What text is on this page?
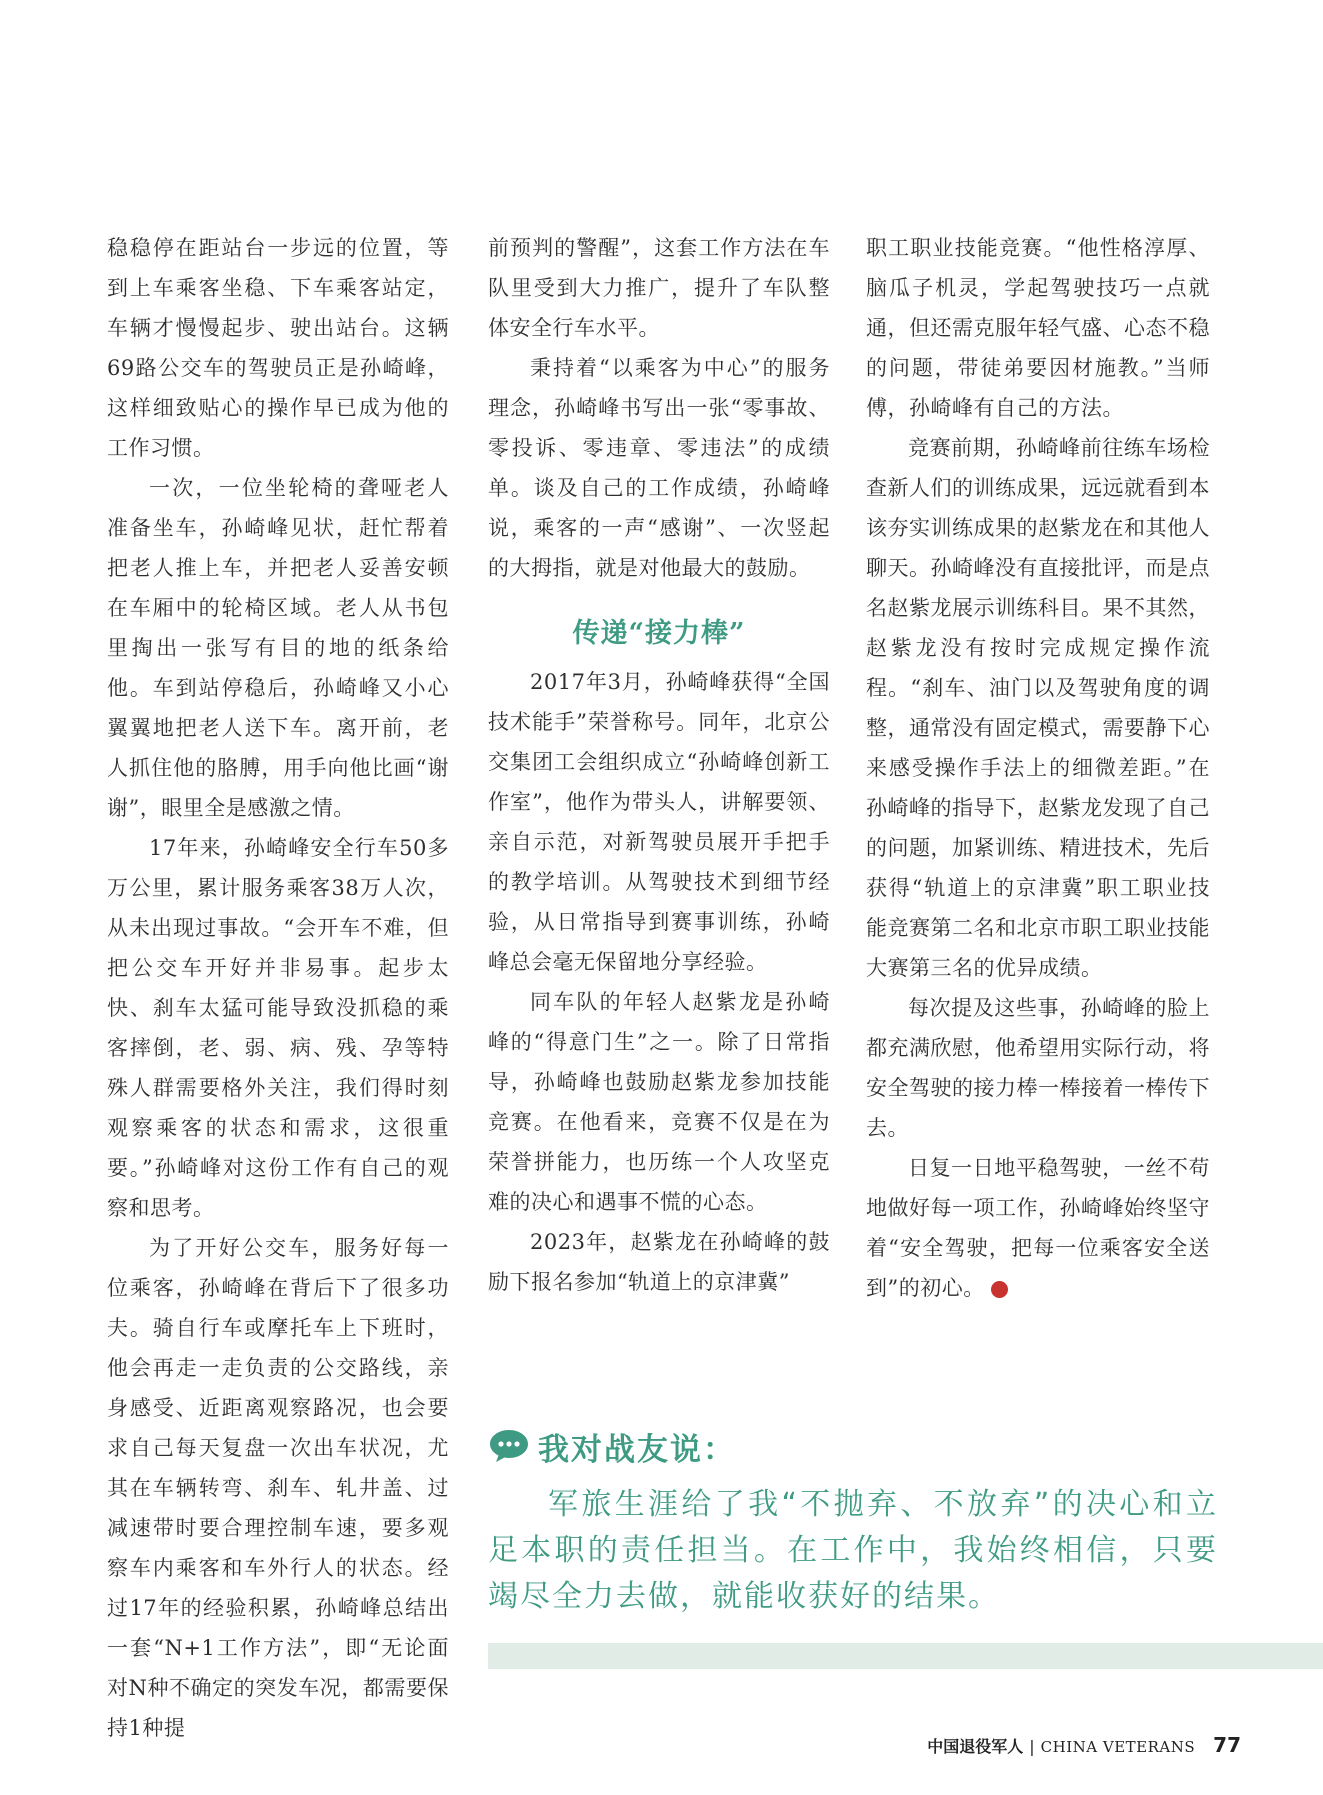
稳稳停在距站台一步远的位置，等到上车乘客坐稳、下车乘客站定，车辆才慢慢起步、驶出站台。这辆69路公交车的驾驶员正是孙崎峰，这样细致贴心的操作早已成为他的工作习惯。

一次，一位坐轮椅的聋哑老人准备坐车，孙崎峰见状，赶忙帮着把老人推上车，并把老人妥善安顿在车厢中的轮椅区域。老人从书包里掏出一张写有目的地的纸条给他。车到站停稳后，孙崎峰又小心翼翼地把老人送下车。离开前，老人抓住他的胳膊，用手向他比画“谢谢”，眼里全是感激之情。

17年来，孙崎峰安全行车50多万公里，累计服务乘客38万人次，从未出现过事故。“会开车不难，但把公交车开好并非易事。起步太快、刹车太猛可能导致没抓稳的乘客摔倒，老、弱、病、残、孕等特殊人群需要格外关注，我们得时刻观察乘客的状态和需求，这很重要。”孙崎峰对这份工作有自己的观察和思考。

为了开好公交车，服务好每一位乘客，孙崎峰在背后下了很多功夫。骑自行车或摩托车上下班时，他会再走一走负责的公交路线，亲身感受、近距离观察路况，也会要求自己每天复盘一次出车状况，尤其在车辆转弯、刹车、轧井盖、过减速带时要合理控制车速，要多观察车内乘客和车外行人的状态。经过17年的经验积累，孙崎峰总结出一套“N+1工作方法”，即“无论面对N种不确定的突发车况，都需要保持1种提

前预判的警醒”，这套工作方法在车队里受到大力推广，提升了车队整体安全行车水平。

秉持着“以乘客为中心”的服务理念，孙崎峰书写出一张“零事故、零投诉、零违章、零违法”的成绩单。谈及自己的工作成绩，孙崎峰说，乘客的一声“感谢”、一次竖起的大拇指，就是对他最大的鼓励。

传递“接力棒”

2017年3月，孙崎峰获得“全国技术能手”荣誉称号。同年，北京公交集团工会组织成立“孙崎峰创新工作室”，他作为带头人，讲解要领、亲自示范，对新驾驶员展开手把手的教学培训。从驾驶技术到细节经验，从日常指导到赛事训练，孙崎峰总会毫无保留地分享经验。

同车队的年轻人赵紫龙是孙崎峰的“得意门生”之一。除了日常指导，孙崎峰也鼓励赵紫龙参加技能竞赛。在他看来，竞赛不仅是在为荣誉拼能力，也历练一个人攻坚克难的决心和遇事不慌的心态。

2023年，赵紫龙在孙崎峰的鼓励下报名参加“轨道上的京津冀”

职工职业技能竞赛。“他性格淳厚、脑瓜子机灵，学起驾驶技巧一点就通，但还需克服年轻气盛、心态不稳的问题，带徒弟要因材施教。”当师傅，孙崎峰有自己的方法。

竞赛前期，孙崎峰前往练车场检查新人们的训练成果，远远就看到本该夯实训练成果的赵紫龙在和其他人聊天。孙崎峰没有直接批评，而是点名赵紫龙展示训练科目。果不其然，赵紫龙没有按时完成规定操作流程。“刹车、油门以及驾驶角度的调整，通常没有固定模式，需要静下心来感受操作手法上的细微差距。”在孙崎峰的指导下，赵紫龙发现了自己的问题，加紧训练、精进技术，先后获得“轨道上的京津冀”职工职业技能竞赛第二名和北京市职工职业技能大赛第三名的优异成绩。

每次提及这些事，孙崎峰的脸上都充满欣慰，他希望用实际行动，将安全驾驶的接力棒一棒接着一棒传下去。

日复一日地平稳驾驶，一丝不苟地做好每一项工作，孙崎峰始终坚守着“安全驾驶，把每一位乘客安全送到”的初心。	V

我对战友说：

军旅生涯给了我“不抛弃、不放弃”的决心和立足本职的责任担当。在工作中，我始终相信，只要竭尽全力去做，就能收获好的结果。

中国退役军人 | CHINA VETERANS 77
